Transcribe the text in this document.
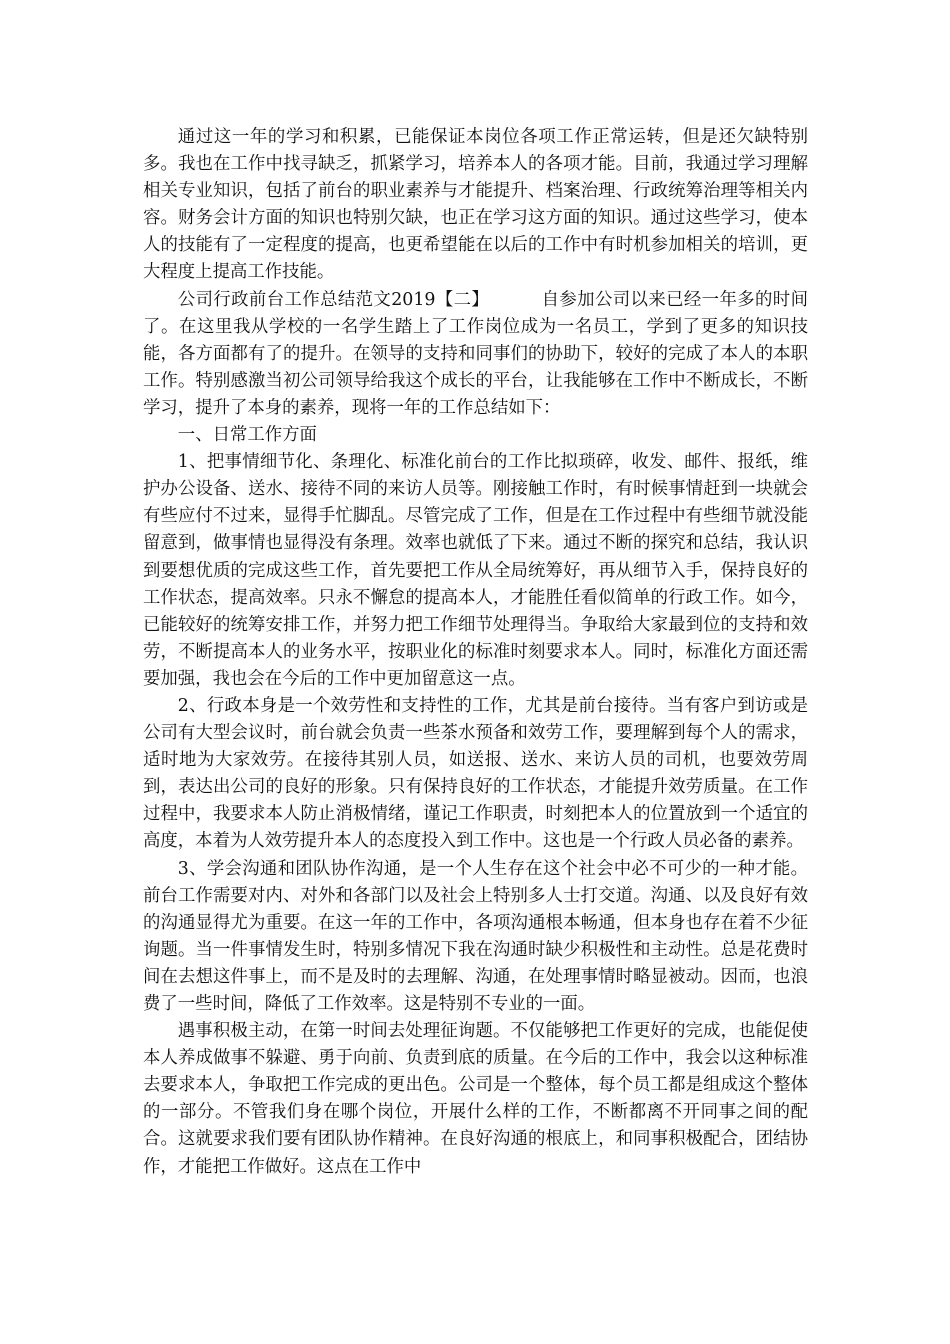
通过这一年的学习和积累，已能保证本岗位各项工作正常运转，但是还欠缺特别多。我也在工作中找寻缺乏，抓紧学习，培养本人的各项才能。目前，我通过学习理解相关专业知识，包括了前台的职业素养与才能提升、档案治理、行政统筹治理等相关内容。财务会计方面的知识也特别欠缺，也正在学习这方面的知识。通过这些学习，使本人的技能有了一定程度的提高，也更希望能在以后的工作中有时机参加相关的培训，更大程度上提高工作技能。

公司行政前台工作总结范文2019【二】	自参加公司以来已经一年多的时间了。在这里我从学校的一名学生踏上了工作岗位成为一名员工，学到了更多的知识技能，各方面都有了的提升。在领导的支持和同事们的协助下，较好的完成了本人的本职工作。特别感激当初公司领导给我这个成长的平台，让我能够在工作中不断成长，不断学习，提升了本身的素养，现将一年的工作总结如下：

一、日常工作方面

1、把事情细节化、条理化、标准化前台的工作比拟琐碎，收发、邮件、报纸，维护办公设备、送水、接待不同的来访人员等。刚接触工作时，有时候事情赶到一块就会有些应付不过来，显得手忙脚乱。尽管完成了工作，但是在工作过程中有些细节就没能留意到，做事情也显得没有条理。效率也就低了下来。通过不断的探究和总结，我认识到要想优质的完成这些工作，首先要把工作从全局统筹好，再从细节入手，保持良好的工作状态，提高效率。只永不懈怠的提高本人，才能胜任看似简单的行政工作。如今，已能较好的统筹安排工作，并努力把工作细节处理得当。争取给大家最到位的支持和效劳，不断提高本人的业务水平，按职业化的标准时刻要求本人。同时，标准化方面还需要加强，我也会在今后的工作中更加留意这一点。

2、行政本身是一个效劳性和支持性的工作，尤其是前台接待。当有客户到访或是公司有大型会议时，前台就会负责一些茶水预备和效劳工作，要理解到每个人的需求，适时地为大家效劳。在接待其别人员，如送报、送水、来访人员的司机，也要效劳周到，表达出公司的良好的形象。只有保持良好的工作状态，才能提升效劳质量。在工作过程中，我要求本人防止消极情绪，谨记工作职责，时刻把本人的位置放到一个适宜的高度，本着为人效劳提升本人的态度投入到工作中。这也是一个行政人员必备的素养。

3、学会沟通和团队协作沟通，是一个人生存在这个社会中必不可少的一种才能。前台工作需要对内、对外和各部门以及社会上特别多人士打交道。沟通、以及良好有效的沟通显得尤为重要。在这一年的工作中，各项沟通根本畅通，但本身也存在着不少征询题。当一件事情发生时，特别多情况下我在沟通时缺少积极性和主动性。总是花费时间在去想这件事上，而不是及时的去理解、沟通，在处理事情时略显被动。因而，也浪费了一些时间，降低了工作效率。这是特别不专业的一面。

遇事积极主动，在第一时间去处理征询题。不仅能够把工作更好的完成，也能促使本人养成做事不躲避、勇于向前、负责到底的质量。在今后的工作中，我会以这种标准去要求本人，争取把工作完成的更出色。公司是一个整体，每个员工都是组成这个整体的一部分。不管我们身在哪个岗位，开展什么样的工作，不断都离不开同事之间的配合。这就要求我们要有团队协作精神。在良好沟通的根底上，和同事积极配合，团结协作，才能把工作做好。这点在工作中
